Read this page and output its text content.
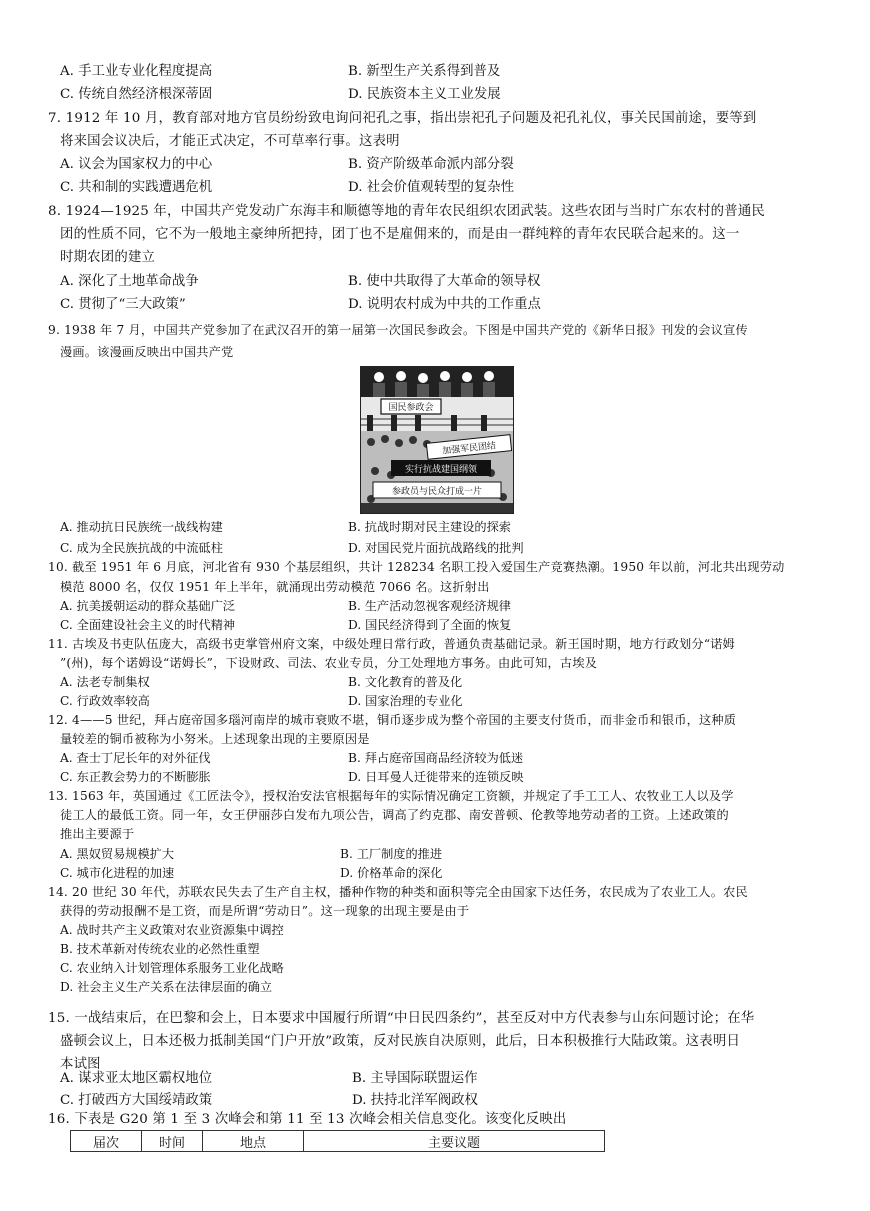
A. 手工业专业化程度提高	B. 新型生产关系得到普及
C. 传统自然经济根深蒂固	D. 民族资本主义工业发展
7. 1912 年 10 月，教育部对地方官员纷纷致电询问祀孔之事，指出崇祀孔子问题及祀孔礼仪，事关民国前途，要等到
将来国会议决后，才能正式决定，不可草率行事。这表明
A. 议会为国家权力的中心	B. 资产阶级革命派内部分裂
C. 共和制的实践遭遇危机	D. 社会价值观转型的复杂性
8. 1924—1925 年，中国共产党发动广东海丰和顺德等地的青年农民组织农团武装。这些农团与当时广东农村的普通民
团的性质不同，它不为一般地主豪绅所把持，团丁也不是雇佣来的，而是由一群纯粹的青年农民联合起来的。这一
时期农团的建立
A. 深化了土地革命战争	B. 使中共取得了大革命的领导权
C. 贯彻了“三大政策”	D. 说明农村成为中共的工作重点
9. 1938 年 7 月，中国共产党参加了在武汉召开的第一届第一次国民参政会。下图是中国共产党的《新华日报》刊发的会议宣传
漫画。该漫画反映出中国共产党
国民参政会
加强军民团结
实行抗战建国纲领
参政员与民众打成一片
A. 推动抗日民族统一战线构建	B. 抗战时期对民主建设的探索
C. 成为全民族抗战的中流砥柱	D. 对国民党片面抗战路线的批判
10. 截至 1951 年 6 月底，河北省有 930 个基层组织，共计 128234 名职工投入爱国生产竞赛热潮。1950 年以前，河北共出现劳动
模范 8000 名，仅仅 1951 年上半年，就涌现出劳动模范 7066 名。这折射出
A. 抗美援朝运动的群众基础广泛	B. 生产活动忽视客观经济规律
C. 全面建设社会主义的时代精神	D. 国民经济得到了全面的恢复
11. 古埃及书吏队伍庞大，高级书吏掌管州府文案，中级处理日常行政，普通负责基础记录。新王国时期，地方行政划分“诺姆
”(州)，每个诺姆设“诺姆长”，下设财政、司法、农业专员，分工处理地方事务。由此可知，古埃及
A. 法老专制集权	B. 文化教育的普及化
C. 行政效率较高	D. 国家治理的专业化
12. 4——5 世纪，拜占庭帝国多瑙河南岸的城市衰败不堪，铜币逐步成为整个帝国的主要支付货币，而非金币和银币，这种质
量较差的铜币被称为小努米。上述现象出现的主要原因是
A. 查士丁尼长年的对外征伐	B. 拜占庭帝国商品经济较为低迷
C. 东正教会势力的不断膨胀	D. 日耳曼人迁徙带来的连锁反映
13. 1563 年，英国通过《工匠法令》，授权治安法官根据每年的实际情况确定工资额，并规定了手工工人、农牧业工人以及学
徒工人的最低工资。同一年，女王伊丽莎白发布九项公告，调高了约克郡、南安普顿、伦教等地劳动者的工资。上述政策的
推出主要源于
A. 黑奴贸易规模扩大	B. 工厂制度的推进
C. 城市化进程的加速	D. 价格革命的深化
14. 20 世纪 30 年代，苏联农民失去了生产自主权，播种作物的种类和面积等完全由国家下达任务，农民成为了农业工人。农民
获得的劳动报酬不是工资，而是所谓“劳动日”。这一现象的出现主要是由于
A. 战时共产主义政策对农业资源集中调控
B. 技术革新对传统农业的必然性重塑
C. 农业纳入计划管理体系服务工业化战略
D. 社会主义生产关系在法律层面的确立
15. 一战结束后，在巴黎和会上，日本要求中国履行所谓“中日民四条约”，甚至反对中方代表参与山东问题讨论；在华
盛顿会议上，日本还极力抵制美国“门户开放”政策，反对民族自决原则，此后，日本积极推行大陆政策。这表明日
本试图
A. 谋求亚太地区霸权地位	B. 主导国际联盟运作
C. 打破西方大国绥靖政策	D. 扶持北洋军阀政权
16. 下表是 G20 第 1 至 3 次峰会和第 11 至 13 次峰会相关信息变化。该变化反映出
届次	时间	地点	主要议题
